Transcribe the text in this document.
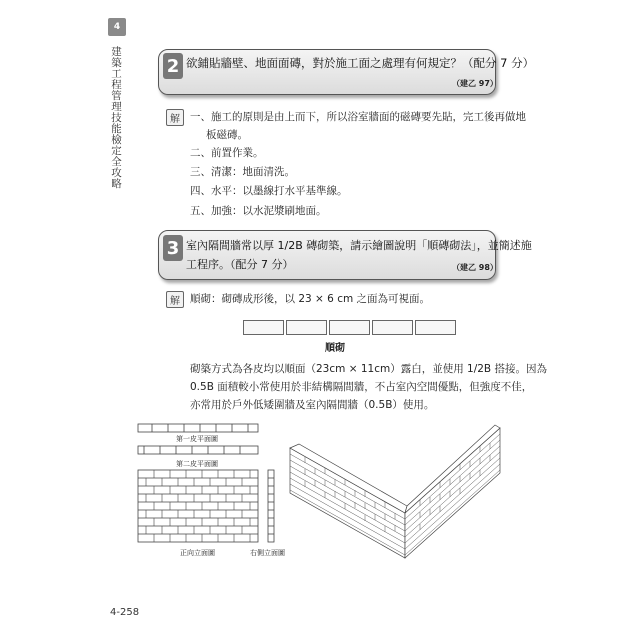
4
建築工程管理技能檢定全攻略
4-258
2 欲鋪貼牆壁、地面面磚，對於施工面之處理有何規定？（配分 7 分）
（建乙 97）
解 一、施工的原則是由上而下，所以浴室牆面的磁磚要先貼，完工後再做地
板磁磚。
二、前置作業。
三、清潔：地面清洗。
四、水平：以墨線打水平基準線。
五、加強：以水泥漿刷地面。
3 室內隔間牆常以厚 1/2B 磚砌築，請示繪圖說明「順磚砌法」，並簡述施
工程序。（配分 7 分）	（建乙 98）
解 順砌：砌磚成形後，以 23 × 6 cm 之面為可視面。
順砌
砌築方式為各皮均以順面（23cm × 11cm）露白，並使用 1/2B 搭接。因為
0.5B 面積較小常使用於非結構隔間牆，不占室內空間優點，但強度不佳，
亦常用於戶外低矮圍牆及室內隔間牆（0.5B）使用。
第一皮平面圖
第二皮平面圖
正向立面圖	右側立面圖
